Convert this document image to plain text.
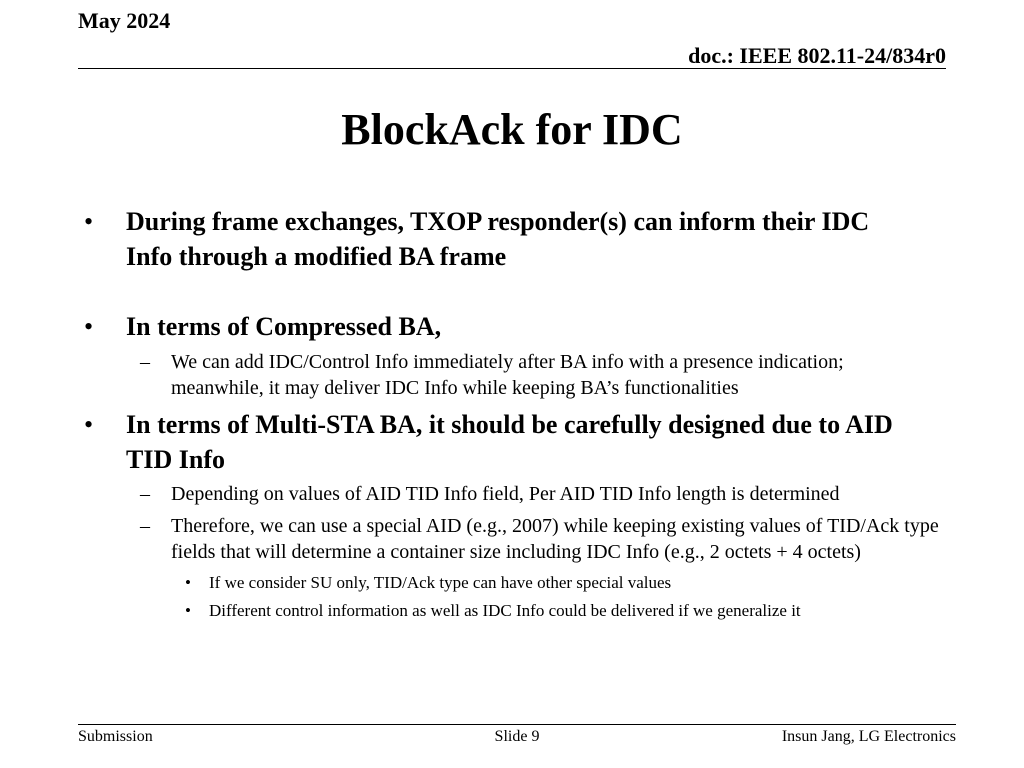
May 2024
doc.: IEEE 802.11-24/834r0
BlockAck for IDC
• During frame exchanges, TXOP responder(s) can inform their IDC Info through a modified BA frame
• In terms of Compressed BA,
– We can add IDC/Control Info immediately after BA info with a presence indication; meanwhile, it may deliver IDC Info while keeping BA’s functionalities
• In terms of Multi-STA BA, it should be carefully designed due to AID TID Info
– Depending on values of AID TID Info field, Per AID TID Info length is determined
– Therefore, we can use a special AID (e.g., 2007) while keeping existing values of TID/Ack type fields that will determine a container size including IDC Info (e.g., 2 octets + 4 octets)
• If we consider SU only, TID/Ack type can have other special values
• Different control information as well as IDC Info could be delivered if we generalize it
Submission	Slide 9	Insun Jang, LG Electronics
